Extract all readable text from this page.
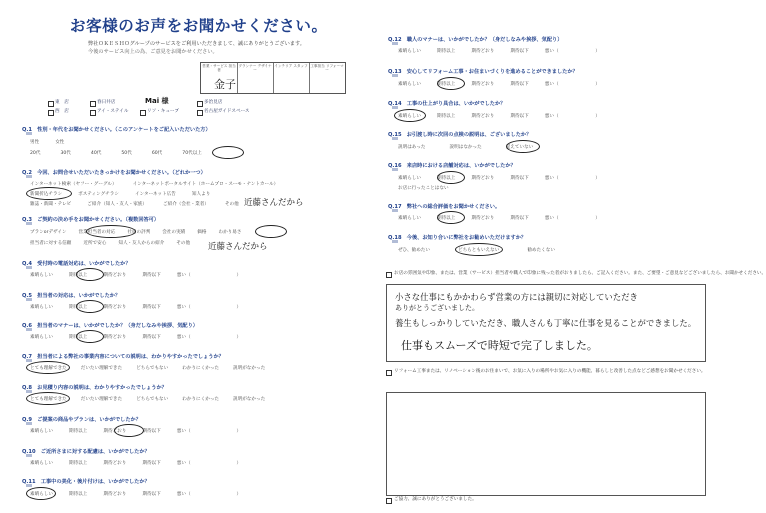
お客様のお声をお聞かせください。
弊社ＯＫＥＳＨＯグループのサービスをご利用いただきまして、誠にありがとうございます。
今後のサービス向上の為、ご意見をお聞かせください。
営業・サービス 担当者
プランナー デザイナー
インテリア スタッフ 工事担当 リフォーマー
金子
東　店	春日井店	Mai 様	多治見店
西　店	アイ・ステイル	リソ・キューブ	名古屋ガイドスペース
Q.1　性別・年代をお聞かせください。（このアンケートをご記入いただいた方）
男性	女性
20代	30代	40代	50代	60代	70代以上
Q.2　今回、お問合せいただいたきっかけをお聞かせください。（どれか一つ）
インターネット検索（ヤフー・グーグル）	インターネットポータルサイト（ホームプロ・スーモ・ナントカール）
新聞折込チラシ	ポスティングチラシ	インターネット広告	知人より
雑誌・新聞・テレビ	ご紹介（知人・友人・家族）	ご紹介（会社・業者）	その他 近藤さんだから
Q.3　ご契約の決め手をお聞かせください。（複数回答可）
プランorデザイン	営業担当者の対応	社員の評判	会社の実績	価格	わかり易さ
担当者に対する信頼	近所で安心	知人・友人からの紹介	その他	近藤さんだから
Q.4　受付時の電話対応は、いかがでしたか？
素晴らしい	期待以上	期待どおり	期待以下	悪い（　　　　　　　　　　）
Q.5　担当者の対応は、いかがでしたか？
素晴らしい	期待以上	期待どおり	期待以下	悪い（　　　　　　　　　　）
Q.6　担当者のマナーは、いかがでしたか？（身だしなみや挨拶、気配り）
素晴らしい	期待以上	期待どおり	期待以下	悪い（　　　　　　　　　　）
Q.7　担当者による弊社の事業内容についての説明は、わかりやすかったでしょうか？
とても理解できた	だいたい理解できた	どちらでもない	わかりにくかった	説明がなかった
Q.8　お見積り内容の説明は、わかりやすかったでしょうか？
とても理解できた	だいたい理解できた	どちらでもない	わかりにくかった	説明がなかった
Q.9　ご提案の商品やプランは、いかがでしたか？
素晴らしい	期待以上	期待どおり	期待以下	悪い（　　　　　　　　　　）
Q.10　ご近所さまに対する配慮は、いかがでしたか？
素晴らしい	期待以上	期待どおり	期待以下	悪い（　　　　　　　　　　）
Q.11　工事中の美化・後片付けは、いかがでしたか？
素晴らしい	期待以上	期待どおり	期待以下	悪い（　　　　　　　　　　）
Q.12　職人のマナーは、いかがでしたか？（身だしなみや挨拶、気配り）
素晴らしい	期待以上	期待どおり	期待以下	悪い（　　　　　　　　）
Q.13　安心してリフォーム工事・お住まいづくりを進めることができましたか？
素晴らしい	期待以上	期待どおり	期待以下	悪い（　　　　　　　　）
Q.14　工事の仕上がり具合は、いかがでしたか？
素晴らしい	期待以上	期待どおり	期待以下	悪い（　　　　　　　　）
Q.15　お引渡し時に次回の点検の説明は、ございましたか？
説明はあった	説明はなかった	覚えていない
Q.16　来店時における店舗対応は、いかがでしたか？
素晴らしい	期待以上	期待どおり	期待以下	悪い（　　　　　　　　）
お店に行ったことはない
Q.17　弊社への総合評価をお聞かせください。
素晴らしい	期待以上	期待どおり	期待以下	悪い（　　　　　　　　）
Q.18　今後、お知り合いに弊社をお勧めいただけますか？
ぜひ、勧めたい	どちらともいえない	勧めたくない
お店の雰囲気や印象、または、営業（サービス）担当者や職人で印象に残った者がおりましたら、ご記入ください。また、ご要望・ご意見などございましたら、お聞かせください。
小さな仕事にもかかわらず営業の方には親切に対応していただき
ありがとうございました。
養生もしっかりしていただき、職人さんも丁寧に仕事を見ることができました。
仕事もスムーズで時短で完了しました。
リフォーム工事または、リノベーション後のお住まいで、お気に入りの場所やお気に入りの機能、暮らしと改善した点などご感想をお聞かせください。
ご協力、誠にありがとうございました。
